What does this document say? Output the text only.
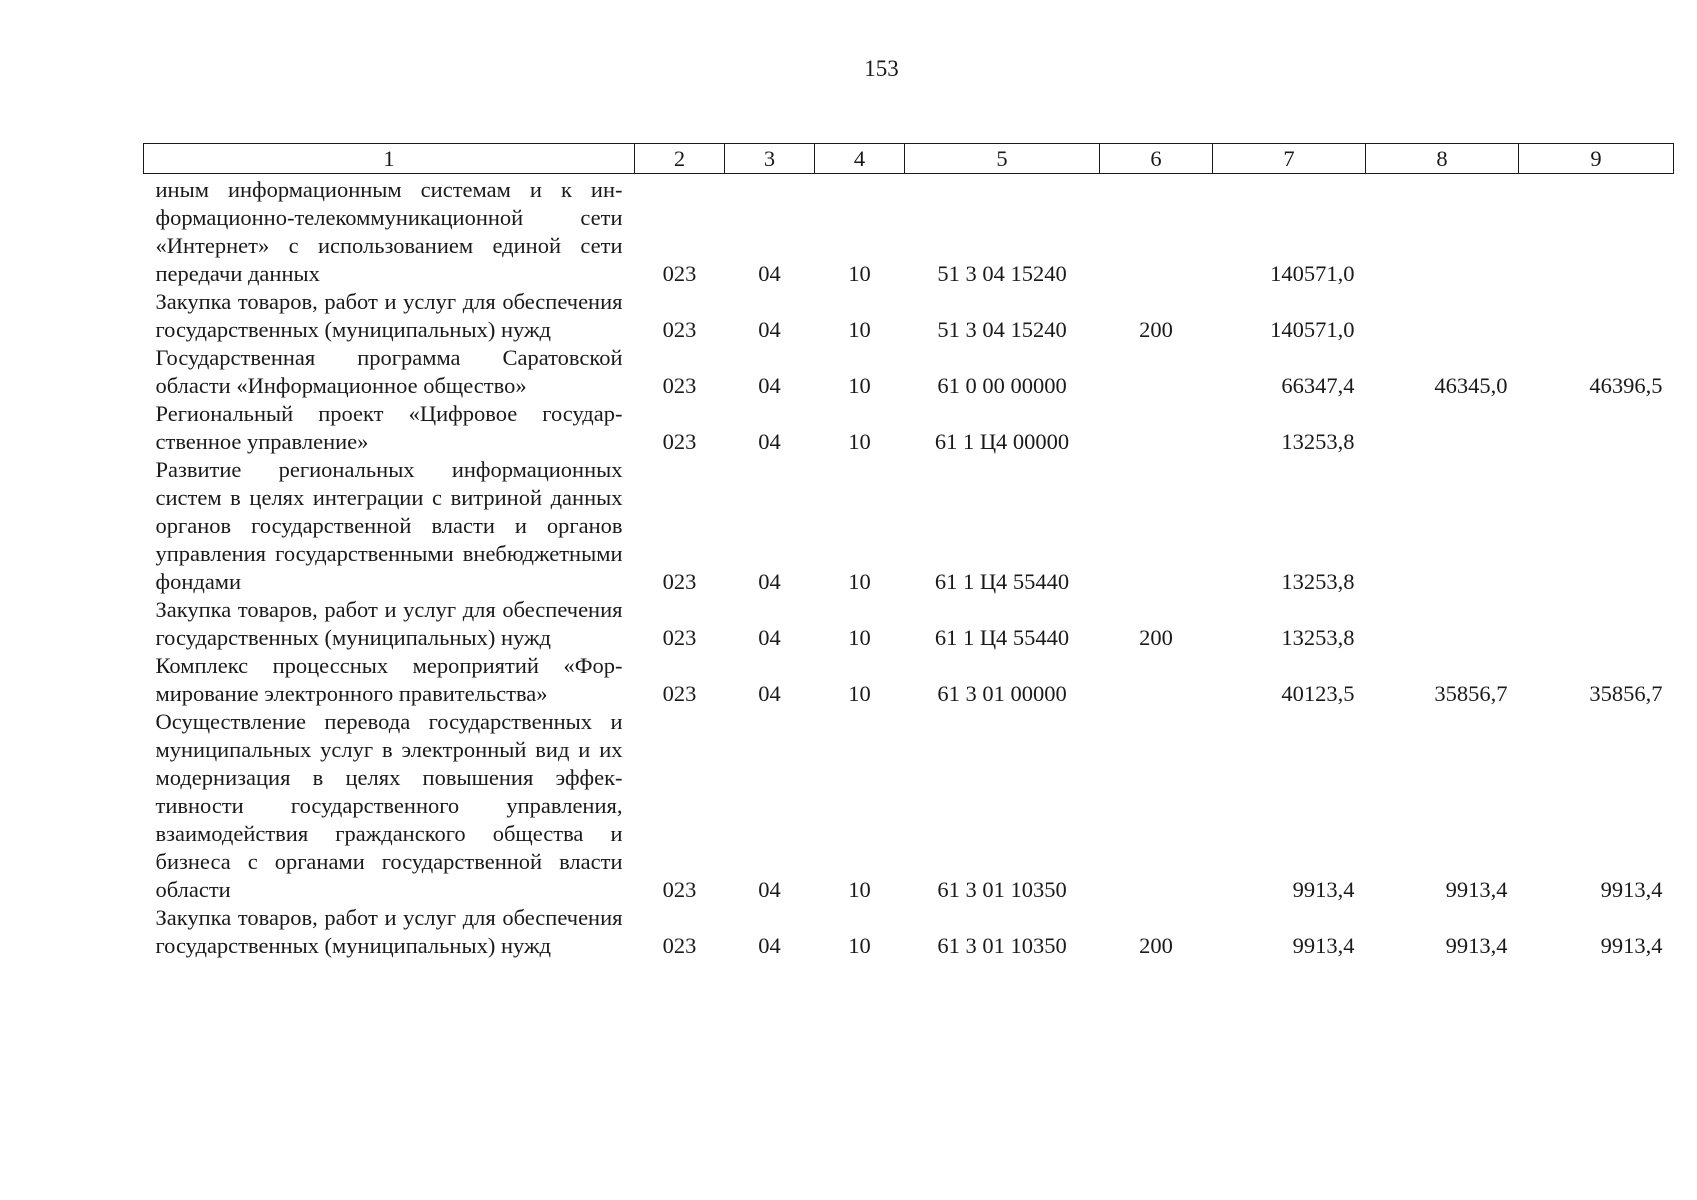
153
1	2	3	4	5	6	7	8	9
иным информационным системам и к информационно-телекоммуникационной сети «Интернет» с использованием единой сети передачи данных	023	04	10	51 3 04 15240		140571,0		
Закупка товаров, работ и услуг для обеспечения государственных (муниципальных) нужд	023	04	10	51 3 04 15240	200	140571,0		
Государственная программа Саратовской области «Информационное общество»	023	04	10	61 0 00 00000		66347,4	46345,0	46396,5
Региональный проект «Цифровое государственное управление»	023	04	10	61 1 Ц4 00000		13253,8		
Развитие региональных информационных систем в целях интеграции с витриной данных органов государственной власти и органов управления государственными внебюджетными фондами	023	04	10	61 1 Ц4 55440		13253,8		
Закупка товаров, работ и услуг для обеспечения государственных (муниципальных) нужд	023	04	10	61 1 Ц4 55440	200	13253,8		
Комплекс процессных мероприятий «Формирование электронного правительства»	023	04	10	61 3 01 00000		40123,5	35856,7	35856,7
Осуществление перевода государственных и муниципальных услуг в электронный вид и их модернизация в целях повышения эффективности государственного управления, взаимодействия гражданского общества и бизнеса с органами государственной власти области	023	04	10	61 3 01 10350		9913,4	9913,4	9913,4
Закупка товаров, работ и услуг для обеспечения государственных (муниципальных) нужд	023	04	10	61 3 01 10350	200	9913,4	9913,4	9913,4
